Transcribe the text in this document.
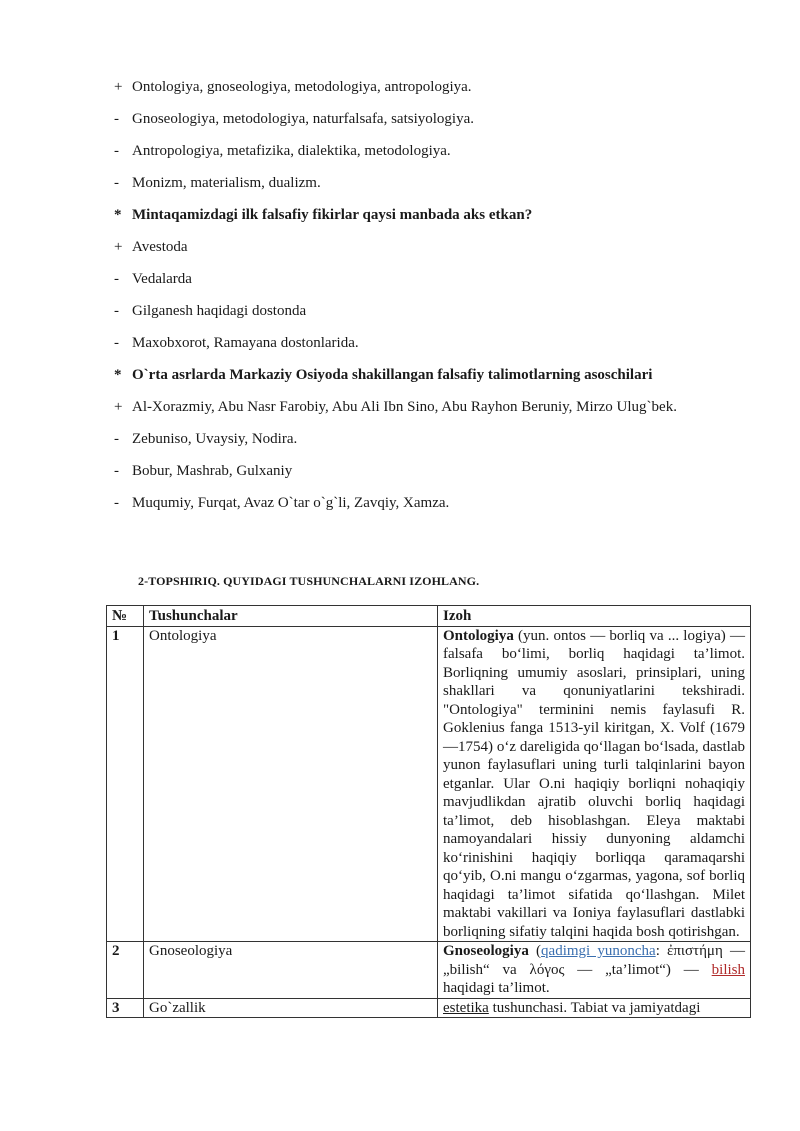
+ Ontologiya, gnoseologiya, metodologiya, antropologiya.
- Gnoseologiya, metodologiya, naturfalsafa, satsiyologiya.
- Antropologiya, metafizika, dialektika, metodologiya.
- Monizm, materialism, dualizm.
* Mintaqamizdagi ilk falsafiy fikirlar qaysi manbada aks etkan?
+ Avestoda
- Vedalarda
- Gilganesh haqidagi dostonda
- Maxobxorot, Ramayana dostonlarida.
* O`rta asrlarda Markaziy Osiyoda shakillangan falsafiy talimotlarning asoschilari
+ Al-Xorazmiy, Abu Nasr Farobiy, Abu Ali Ibn Sino, Abu Rayhon Beruniy, Mirzo Ulug`bek.
- Zebuniso, Uvaysiy, Nodira.
- Bobur, Mashrab, Gulxaniy
- Muqumiy, Furqat, Avaz O`tar o`g`li, Zavqiy, Xamza.
2-TOPSHIRIQ. QUYIDAGI TUSHUNCHALARNI IZOHLANG.
№	Tushunchalar	Izoh
1	Ontologiya	Ontologiya (yun. ontos — borliq va ... logiya) — falsafa bo‘limi, borliq haqidagi ta’limot. Borliqning umumiy asoslari, prinsiplari, uning shakllari va qonuniyatlarini tekshiradi. "Ontologiya" terminini nemis faylasufi R. Goklenius fanga 1513-yil kiritgan, X. Volf (1679—1754) o‘z dareligida qo‘llagan bo‘lsada, dastlab yunon faylasuflari uning turli talqinlarini bayon etganlar. Ular O.ni haqiqiy borliqni nohaqiqiy mavjudlikdan ajratib oluvchi borliq haqidagi ta’limot, deb hisoblashgan. Eleya maktabi namoyandalari hissiy dunyoning aldamchi ko‘rinishini haqiqiy borliqqa qaramaqarshi qo‘yib, O.ni mangu o‘zgarmas, yagona, sof borliq haqidagi ta’limot sifatida qo‘llashgan. Milet maktabi vakillari va Ioniya faylasuflari dastlabki borliqning sifatiy talqini haqida bosh qotirishgan.
2	Gnoseologiya	Gnoseologiya (qadimgi yunoncha: ἐπιστήμη — „bilish“ va λόγος — „ta’limot“) — bilish haqidagi ta’limot.
3	Go`zallik	estetika tushunchasi. Tabiat va jamiyatdagi
